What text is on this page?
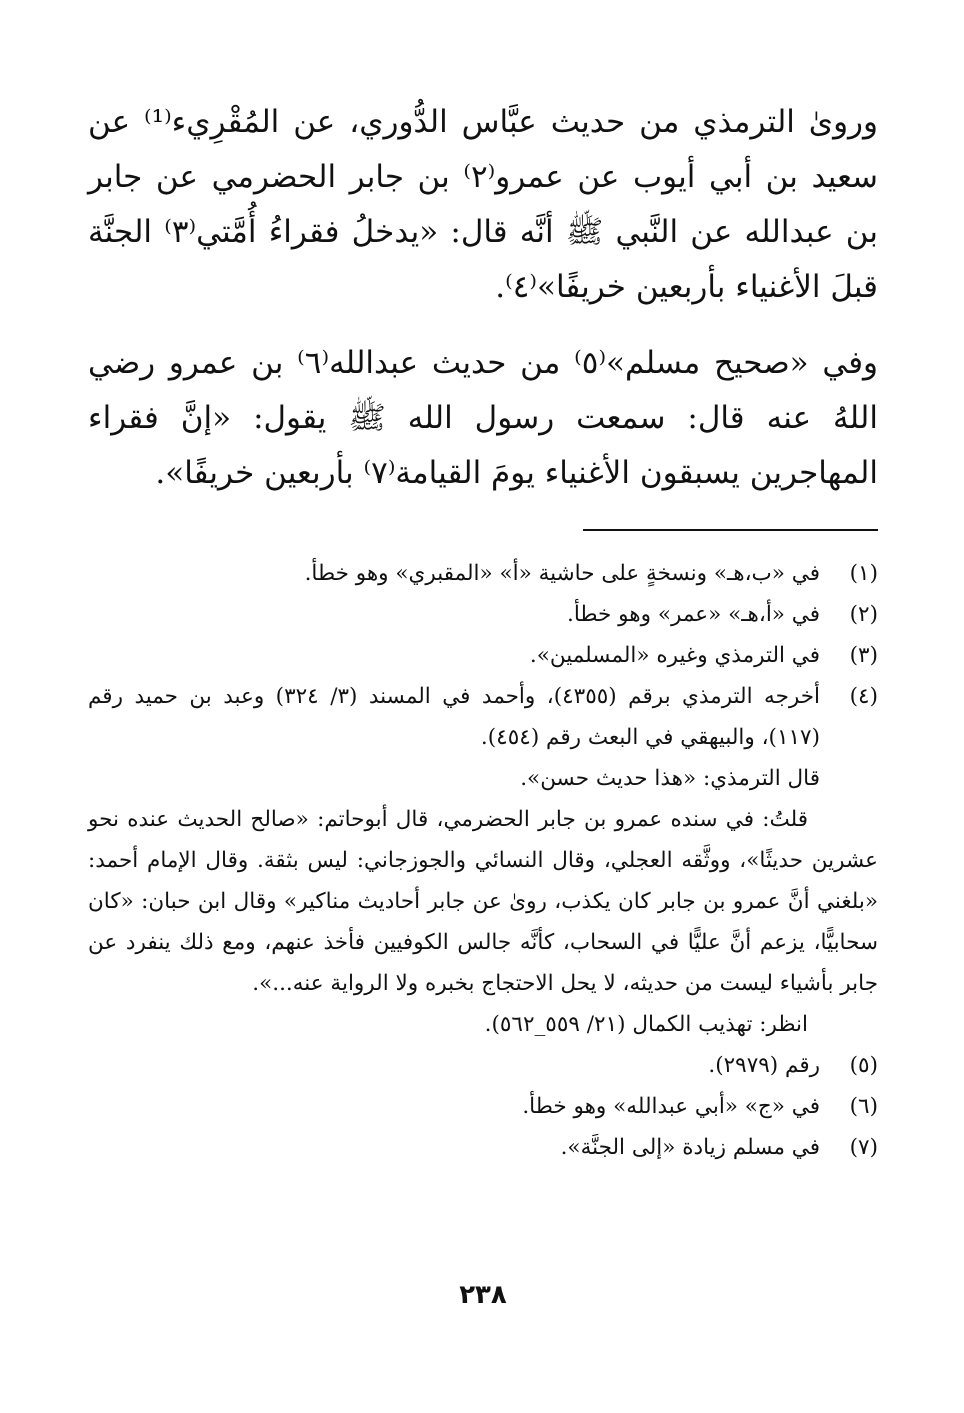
وروىٰ الترمذي من حديث عبَّاس الدُّوري، عن المُقْرِيء⁽¹⁾ عن سعيد بن أبي أيوب عن عمرو⁽٢⁾ بن جابر الحضرمي عن جابر بن عبدالله عن النَّبي ﷺ أنَّه قال: «يدخلُ فقراءُ أُمَّتي⁽٣⁾ الجنَّة قبلَ الأغنياء بأربعين خريفًا»⁽٤⁾.

وفي «صحيح مسلم»⁽٥⁾ من حديث عبدالله⁽٦⁾ بن عمرو رضي اللهُ عنه قال: سمعت رسول الله ﷺ يقول: «إنَّ فقراء المهاجرين يسبقون الأغنياء يومَ القيامة⁽٧⁾ بأربعين خريفًا».

(١)
في «ب،هـ» ونسخةٍ على حاشية «أ» «المقبري» وهو خطأ.
(٢)
في «أ،هـ» «عمر» وهو خطأ.
(٣)
في الترمذي وغيره «المسلمين».
(٤)
أخرجه الترمذي برقم (٤٣٥٥)، وأحمد في المسند (٣/ ٣٢٤) وعبد بن حميد رقم (١١٧)، والبيهقي في البعث رقم (٤٥٤).
قال الترمذي: «هذا حديث حسن».
قلتُ: في سنده عمرو بن جابر الحضرمي، قال أبوحاتم: «صالح الحديث عنده نحو عشرين حديثًا»، ووثَّقه العجلي، وقال النسائي والجوزجاني: ليس بثقة. وقال الإمام أحمد: «بلغني أنَّ عمرو بن جابر كان يكذب، روىٰ عن جابر أحاديث مناكير» وقال ابن حبان: «كان سحابيًّا، يزعم أنَّ عليًّا في السحاب، كأنَّه جالس الكوفيين فأخذ عنهم، ومع ذلك ينفرد عن جابر بأشياء ليست من حديثه، لا يحل الاحتجاج بخبره ولا الرواية عنه...».
انظر: تهذيب الكمال (٢١/ ٥٥٩_٥٦٢).
(٥)
رقم (٢٩٧٩).
(٦)
في «ج» «أبي عبدالله» وهو خطأ.
(٧)
في مسلم زيادة «إلى الجنَّة».
٢٣٨
